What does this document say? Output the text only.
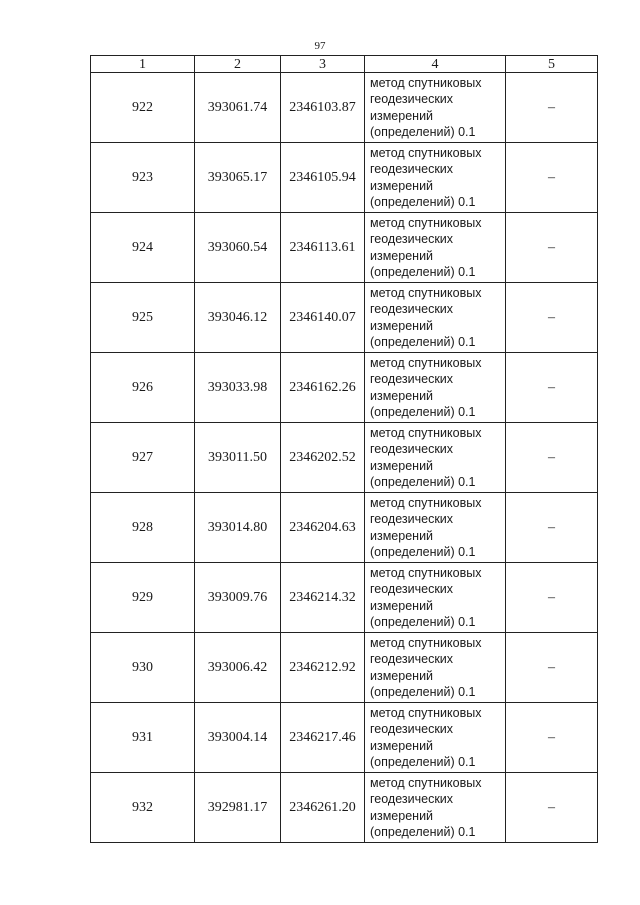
97
1	2	3	4	5
922	393061.74	2346103.87	метод спутниковых
геодезических
измерений
(определений) 0.1	–
923	393065.17	2346105.94	метод спутниковых
геодезических
измерений
(определений) 0.1	–
924	393060.54	2346113.61	метод спутниковых
геодезических
измерений
(определений) 0.1	–
925	393046.12	2346140.07	метод спутниковых
геодезических
измерений
(определений) 0.1	–
926	393033.98	2346162.26	метод спутниковых
геодезических
измерений
(определений) 0.1	–
927	393011.50	2346202.52	метод спутниковых
геодезических
измерений
(определений) 0.1	–
928	393014.80	2346204.63	метод спутниковых
геодезических
измерений
(определений) 0.1	–
929	393009.76	2346214.32	метод спутниковых
геодезических
измерений
(определений) 0.1	–
930	393006.42	2346212.92	метод спутниковых
геодезических
измерений
(определений) 0.1	–
931	393004.14	2346217.46	метод спутниковых
геодезических
измерений
(определений) 0.1	–
932	392981.17	2346261.20	метод спутниковых
геодезических
измерений
(определений) 0.1	–
